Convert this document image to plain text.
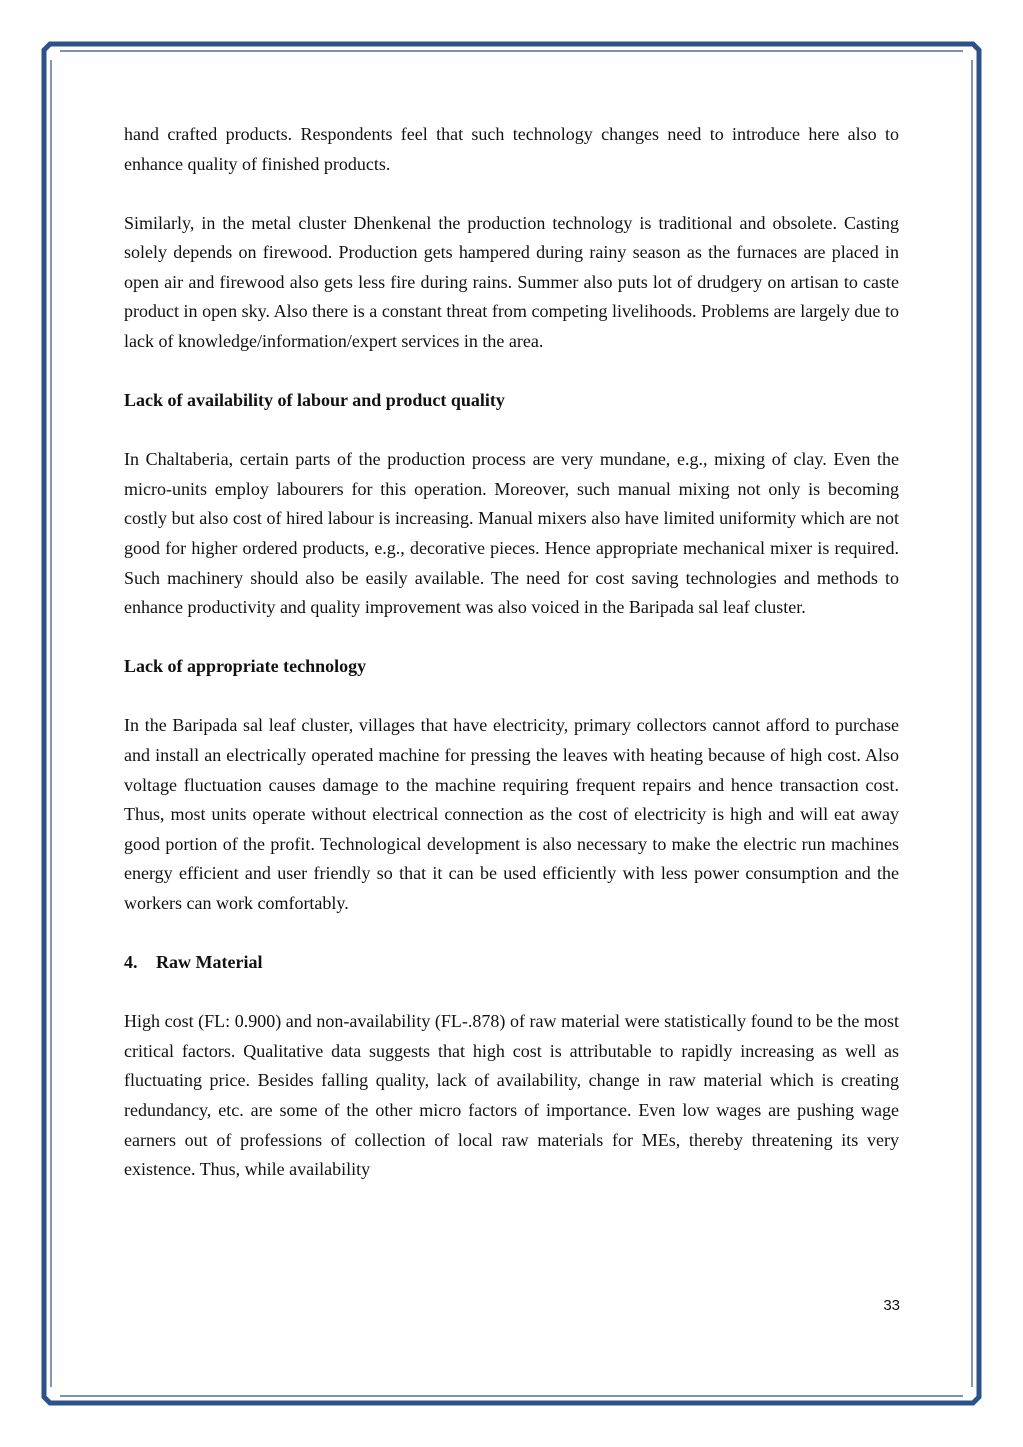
hand crafted products. Respondents feel that such technology changes need to introduce here also to enhance quality of finished products.

Similarly, in the metal cluster Dhenkenal the production technology is traditional and obsolete. Casting solely depends on firewood. Production gets hampered during rainy season as the furnaces are placed in open air and firewood also gets less fire during rains. Summer also puts lot of drudgery on artisan to caste product in open sky. Also there is a constant threat from competing livelihoods. Problems are largely due to lack of knowledge/information/expert services in the area.

Lack of availability of labour and product quality

In Chaltaberia, certain parts of the production process are very mundane, e.g., mixing of clay. Even the micro-units employ labourers for this operation. Moreover, such manual mixing not only is becoming costly but also cost of hired labour is increasing. Manual mixers also have limited uniformity which are not good for higher ordered products, e.g., decorative pieces. Hence appropriate mechanical mixer is required. Such machinery should also be easily available. The need for cost saving technologies and methods to enhance productivity and quality improvement was also voiced in the Baripada sal leaf cluster.

Lack of appropriate technology

In the Baripada sal leaf cluster, villages that have electricity, primary collectors cannot afford to purchase and install an electrically operated machine for pressing the leaves with heating because of high cost. Also voltage fluctuation causes damage to the machine requiring frequent repairs and hence transaction cost. Thus, most units operate without electrical connection as the cost of electricity is high and will eat away good portion of the profit. Technological development is also necessary to make the electric run machines energy efficient and user friendly so that it can be used efficiently with less power consumption and the workers can work comfortably.

4. Raw Material

High cost (FL: 0.900) and non-availability (FL-.878) of raw material were statistically found to be the most critical factors. Qualitative data suggests that high cost is attributable to rapidly increasing as well as fluctuating price. Besides falling quality, lack of availability, change in raw material which is creating redundancy, etc. are some of the other micro factors of importance. Even low wages are pushing wage earners out of professions of collection of local raw materials for MEs, thereby threatening its very existence. Thus, while availability

33
